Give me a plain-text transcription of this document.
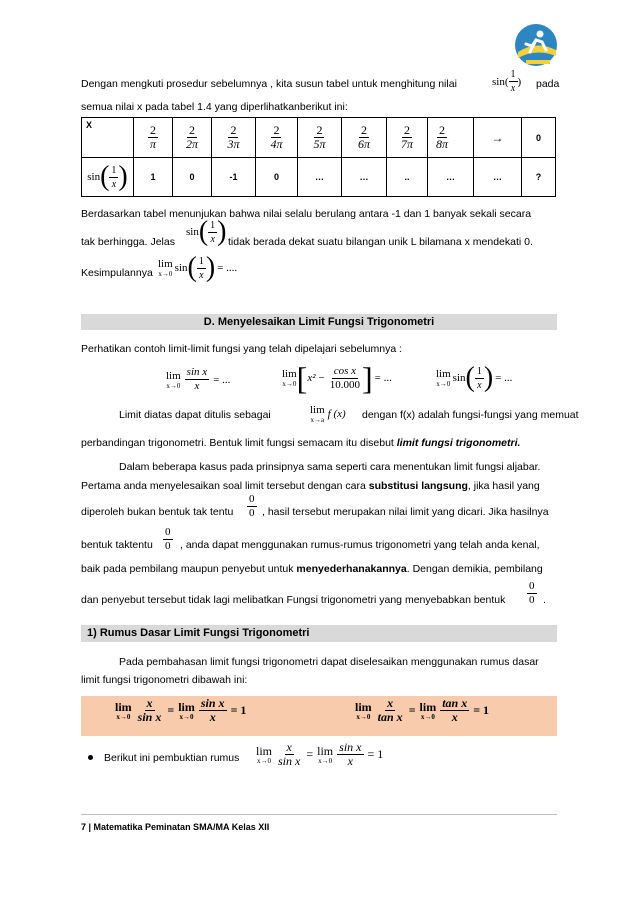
Dengan mengkuti prosedur sebelumnya , kita susun tabel untuk menghitung nilai	$\sin( \frac{1}{x}$ ) pada
semua nilai x pada tabel 1.4 yang diperlihatkanberikut ini:
X	$\frac{2}{\pi}$	$\frac{2}{2\pi}$	$\frac{2}{3\pi}$	$\frac{2}{4\pi}$	$\frac{2}{5\pi}$	$\frac{2}{6\pi}$	$\frac{2}{7\pi}$	$\frac{2}{8\pi}$	→	0

sin ( $\frac{1}{x}$ )	1	0	-1	0	…	…	..	…	…	?
Berdasarkan tabel menunjukan bahwa nilai selalu berulang antara -1 dan 1 banyak sekali secara
tak berhingga. Jelas
sin ( $\frac{1}{x}$ ) tidak berada dekat suatu bilangan unik L bilamana x mendekati 0.
Kesimpulannya
lim
x→0 sin ( $\frac{1}{x}$ ) = ....
D. Menyelesaikan Limit Fungsi Trigonometri
Perhatikan contoh limit-limit fungsi yang telah dipelajari sebelumnya :
lim
$x\to 0 \frac{\text{sin x}}{x}$ = ...	lim
x→0 [ $x^2 - \frac{\text{cos x}}{10.000}$ ] = ...	lim
x→0 sin ( $\frac{1}{x}$ ) = ...
Limit diatas dapat ditulis sebagai	lim
x→a f (x) dengan f(x) adalah fungsi-fungsi yang memuat
perbandingan trigonometri. Bentuk limit fungsi semacam itu disebut limit fungsi trigonometri.
Dalam beberapa kasus pada prinsipnya sama seperti cara menentukan limit fungsi aljabar.
Pertama anda menyelesaikan soal limit tersebut dengan cara substitusi langsung, jika hasil yang
diperoleh bukan bentuk tak tentu $\frac{0}{0}$ , hasil tersebut merupakan nilai limit yang dicari. Jika hasilnya
bentuk taktentu $\frac{0}{0}$ , anda dapat menggunakan rumus-rumus trigonometri yang telah anda kenal,
baik pada pembilang maupun penyebut untuk menyederhanakannya. Dengan demikia, pembilang
dan penyebut tersebut tidak lagi melibatkan Fungsi trigonometri yang menyebabkan bentuk $\frac{0}{0}$ .
1) Rumus Dasar Limit Fungsi Trigonometri
Pada pembahasan limit fungsi trigonometri dapat diselesaikan menggunakan rumus dasar
limit fungsi trigonometri dibawah ini:
lim
$x\to 0 \frac{x}{\text{sin x}} = \lim$
$x\to 0 \frac{\text{sin x}}{x} = 1$	lim
$x\to 0 \frac{x}{\text{tan x}} = \lim$
$x\to 0 \frac{\text{tan x}}{x} = 1$
Berikut ini pembuktian rumus
lim
$x\to 0 \frac{x}{\text{sin x}} = \lim$
$x\to 0 \frac{\text{sin x}}{x} = 1$
7 | Matematika Peminatan SMA/MA Kelas XII
